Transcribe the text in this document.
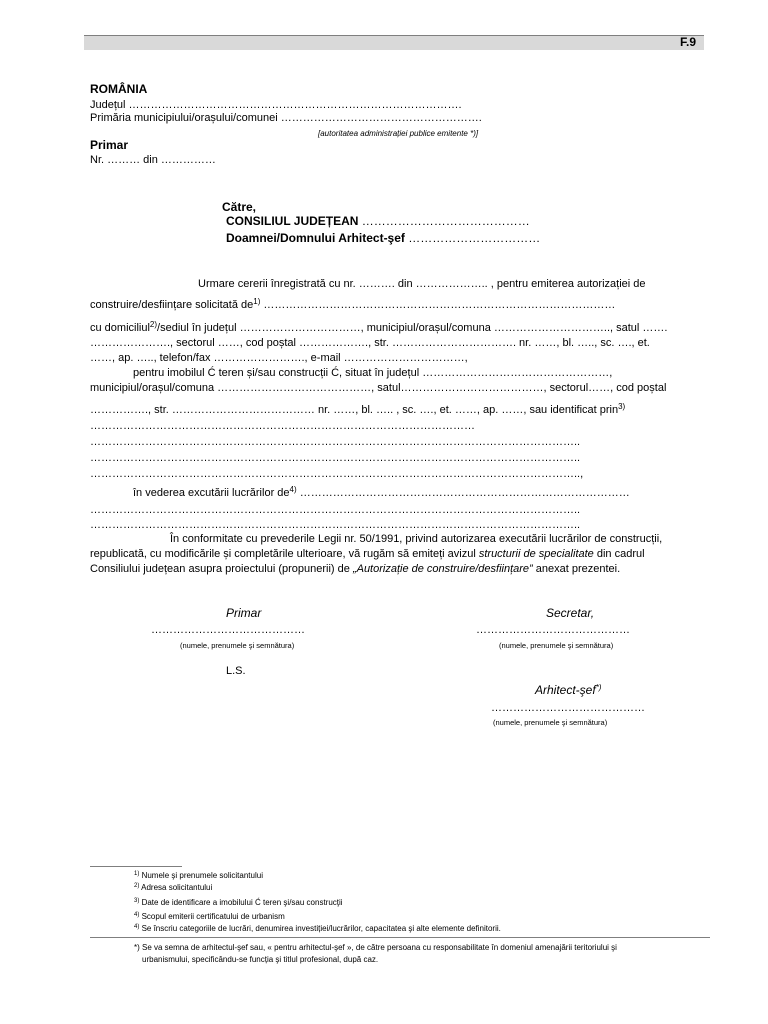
F.9
ROMÂNIA
Județul ……………………………………………………………………………….
Primăria municipiului/orașului/comunei ……………………………………………….
[autoritatea administrației publice emitente *)]
Primar
Nr. ……… din ……………
Către,
CONSILIUL JUDEȚEAN ……………………………………
Doamnei/Domnului Arhitect-şef ……………………………
Urmare cererii înregistrată cu nr. ………. din ……………….. , pentru emiterea autorizației de
construire/desființare solicitată $de^{1)}$ ……………………………………………………………………………………
cu domiciliul$^{2)}$/sediul în județul ……………………………, municipiul/orașul/comuna ………………………….., satul …….
…………………., sectorul ……, cod poștal ………………., str. ……………………………. nr. ……, bl. ….., sc. …., et.
……, ap. ….., telefon/fax ……………………., e-mail ……………………………,
pentru imobilul Ć teren și/sau construcții Ć, situat în județul ……………………………………………,
municipiul/orașul/comuna ……………………………………, satul…………………………………, sectorul……, cod poștal
……………., str. ………………………………… nr. ……, bl. ….. , sc. …., et. ……, ap. ……, sau identificat prin$^{3)}$
……………………………………………………………………………………………
……………………………………………………………………………………………………………………..
……………………………………………………………………………………………………………………..
……………………………………………………………………………………………………………………..,
în vederea excutării lucrărilor $de^{4)}$ ………………………………………………………………………………
……………………………………………………………………………………………………………………..
……………………………………………………………………………………………………………………..
În conformitate cu prevederile Legii nr. 50/1991, privind autorizarea executării lucrărilor de construcții,
republicată, cu modificările și completările ulterioare, vă rugăm să emiteți avizul structurii de specialitate din cadrul
Consiliului județean asupra proiectului (propunerii) de „Autorizație de construire/desființare” anexat prezentei.
Primar
……………………………………
(numele, prenumele şi semnătura)
Secretar,
……………………………………
(numele, prenumele şi semnătura)
L.S.
Arhitect-şef*)
……………………………………
(numele, prenumele şi semnătura)
$^{1)}$ Numele şi prenumele solicitantului
$^{2)}$ Adresa solicitantului
$^{3)}$ Date de identificare a imobilului Ć teren şi/sau construcţii
$^{4)}$ Scopul emiterii certificatului de urbanism
$^{4)}$ Se înscriu categoriile de lucrări, denumirea investiției/lucrărilor, capacitatea şi alte elemente definitorii.
*) Se va semna de arhitectul-şef sau, « pentru arhitectul-şef », de către persoana cu responsabilitate în domeniul amenajării teritoriului şi
urbanismului, specificându-se funcția şi titlul profesional, după caz.
